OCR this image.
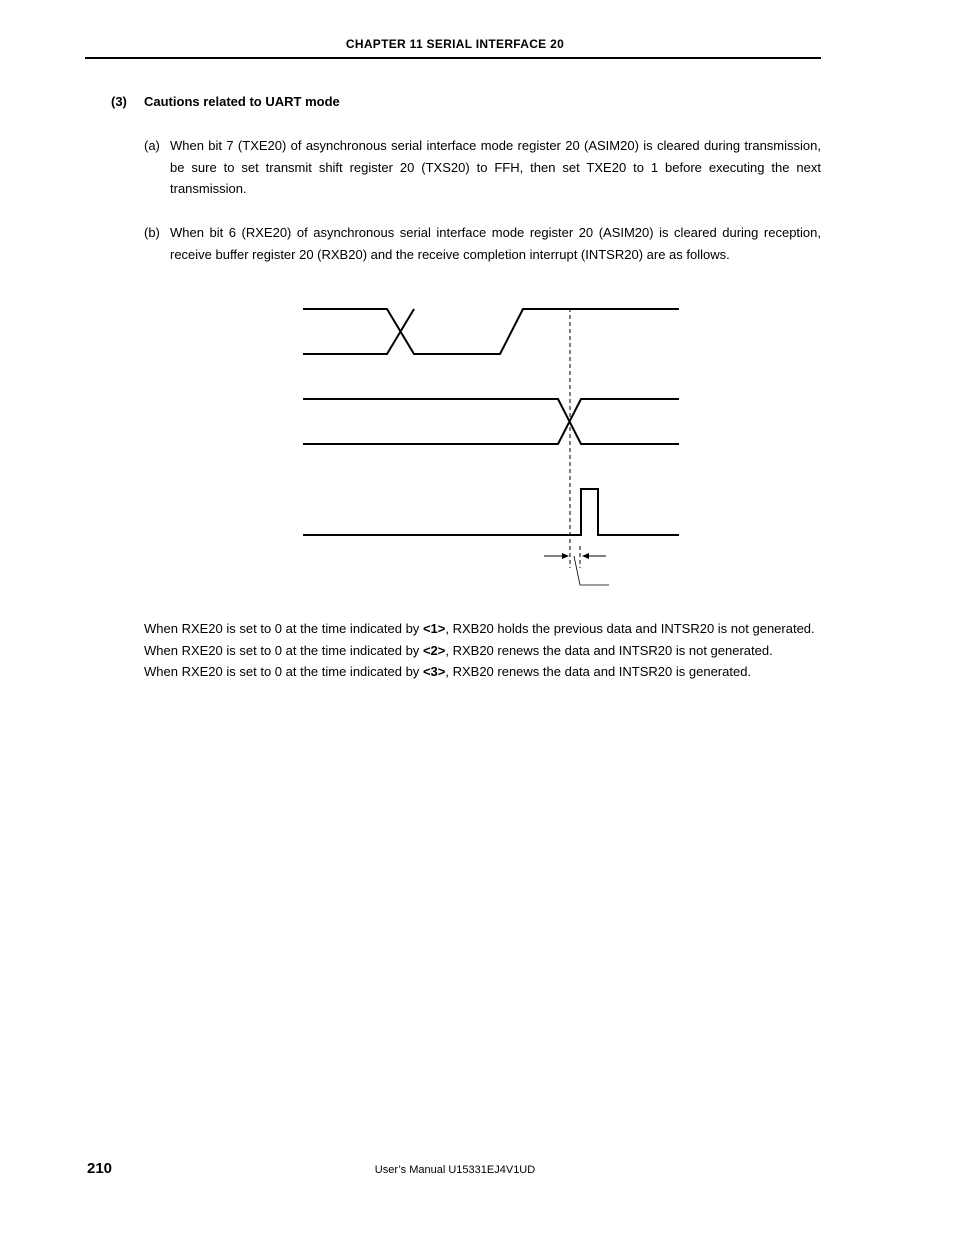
CHAPTER 11 SERIAL INTERFACE 20
(3) Cautions related to UART mode
(a) When bit 7 (TXE20) of asynchronous serial interface mode register 20 (ASIM20) is cleared during transmission, be sure to set transmit shift register 20 (TXS20) to FFH, then set TXE20 to 1 before executing the next transmission.
(b) When bit 6 (RXE20) of asynchronous serial interface mode register 20 (ASIM20) is cleared during reception, receive buffer register 20 (RXB20) and the receive completion interrupt (INTSR20) are as follows.

When RXE20 is set to 0 at the time indicated by <1>, RXB20 holds the previous data and INTSR20 is not generated.

When RXE20 is set to 0 at the time indicated by <2>, RXB20 renews the data and INTSR20 is not generated.

When RXE20 is set to 0 at the time indicated by <3>, RXB20 renews the data and INTSR20 is generated.

210	User’s Manual U15331EJ4V1UD
